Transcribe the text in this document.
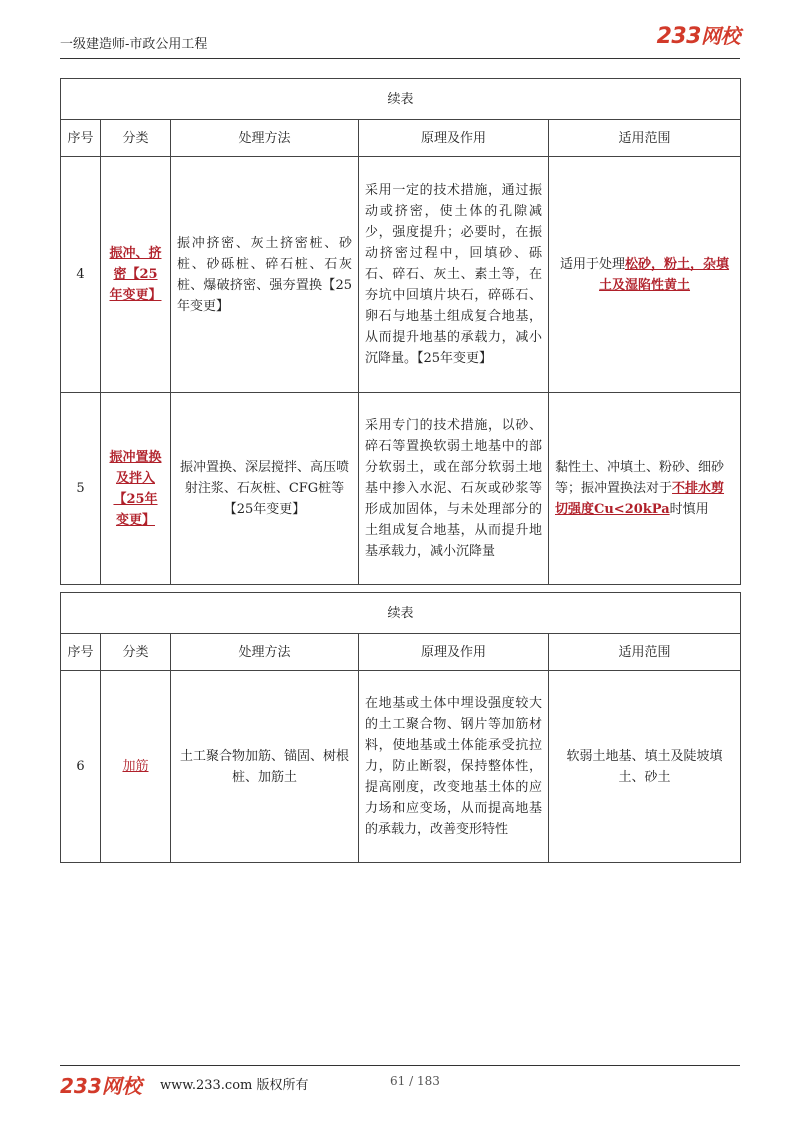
一级建造师-市政公用工程	233网校
续表				
序号	分类	处理方法	原理及作用	适用范围
4	振冲、挤密【25年变更】	振冲挤密、灰土挤密桩、砂桩、砂砾桩、碎石桩、石灰桩、爆破挤密、强夯置换【25年变更】	采用一定的技术措施，通过振动或挤密，使土体的孔隙减少，强度提升；必要时，在振动挤密过程中，回填砂、砾石、碎石、灰土、素土等，在夯坑中回填片块石，碎砾石、卵石与地基土组成复合地基，从而提升地基的承载力，减小沉降量。【25年变更】	适用于处理松砂，粉土，杂填土及湿陷性黄土
5	振冲置换及拌入【25年变更】	振冲置换、深层搅拌、高压喷射注浆、石灰桩、CFG桩等【25年变更】	采用专门的技术措施，以砂、碎石等置换软弱土地基中的部分软弱土，或在部分软弱土地基中掺入水泥、石灰或砂浆等形成加固体，与未处理部分的土组成复合地基，从而提升地基承载力，减小沉降量	黏性土、冲填土、粉砂、细砂等；振冲置换法对于不排水剪切强度Cu<20kPa时慎用
续表				
序号	分类	处理方法	原理及作用	适用范围
6	加筋	土工聚合物加筋、锚固、树根桩、加筋土	在地基或土体中埋设强度较大的土工聚合物、钢片等加筋材料，使地基或土体能承受抗拉力，防止断裂，保持整体性，提高刚度，改变地基土体的应力场和应变场，从而提高地基的承载力，改善变形特性	软弱土地基、填土及陡坡填土、砂土
233网校 www.233.com 版权所有	61 / 183
